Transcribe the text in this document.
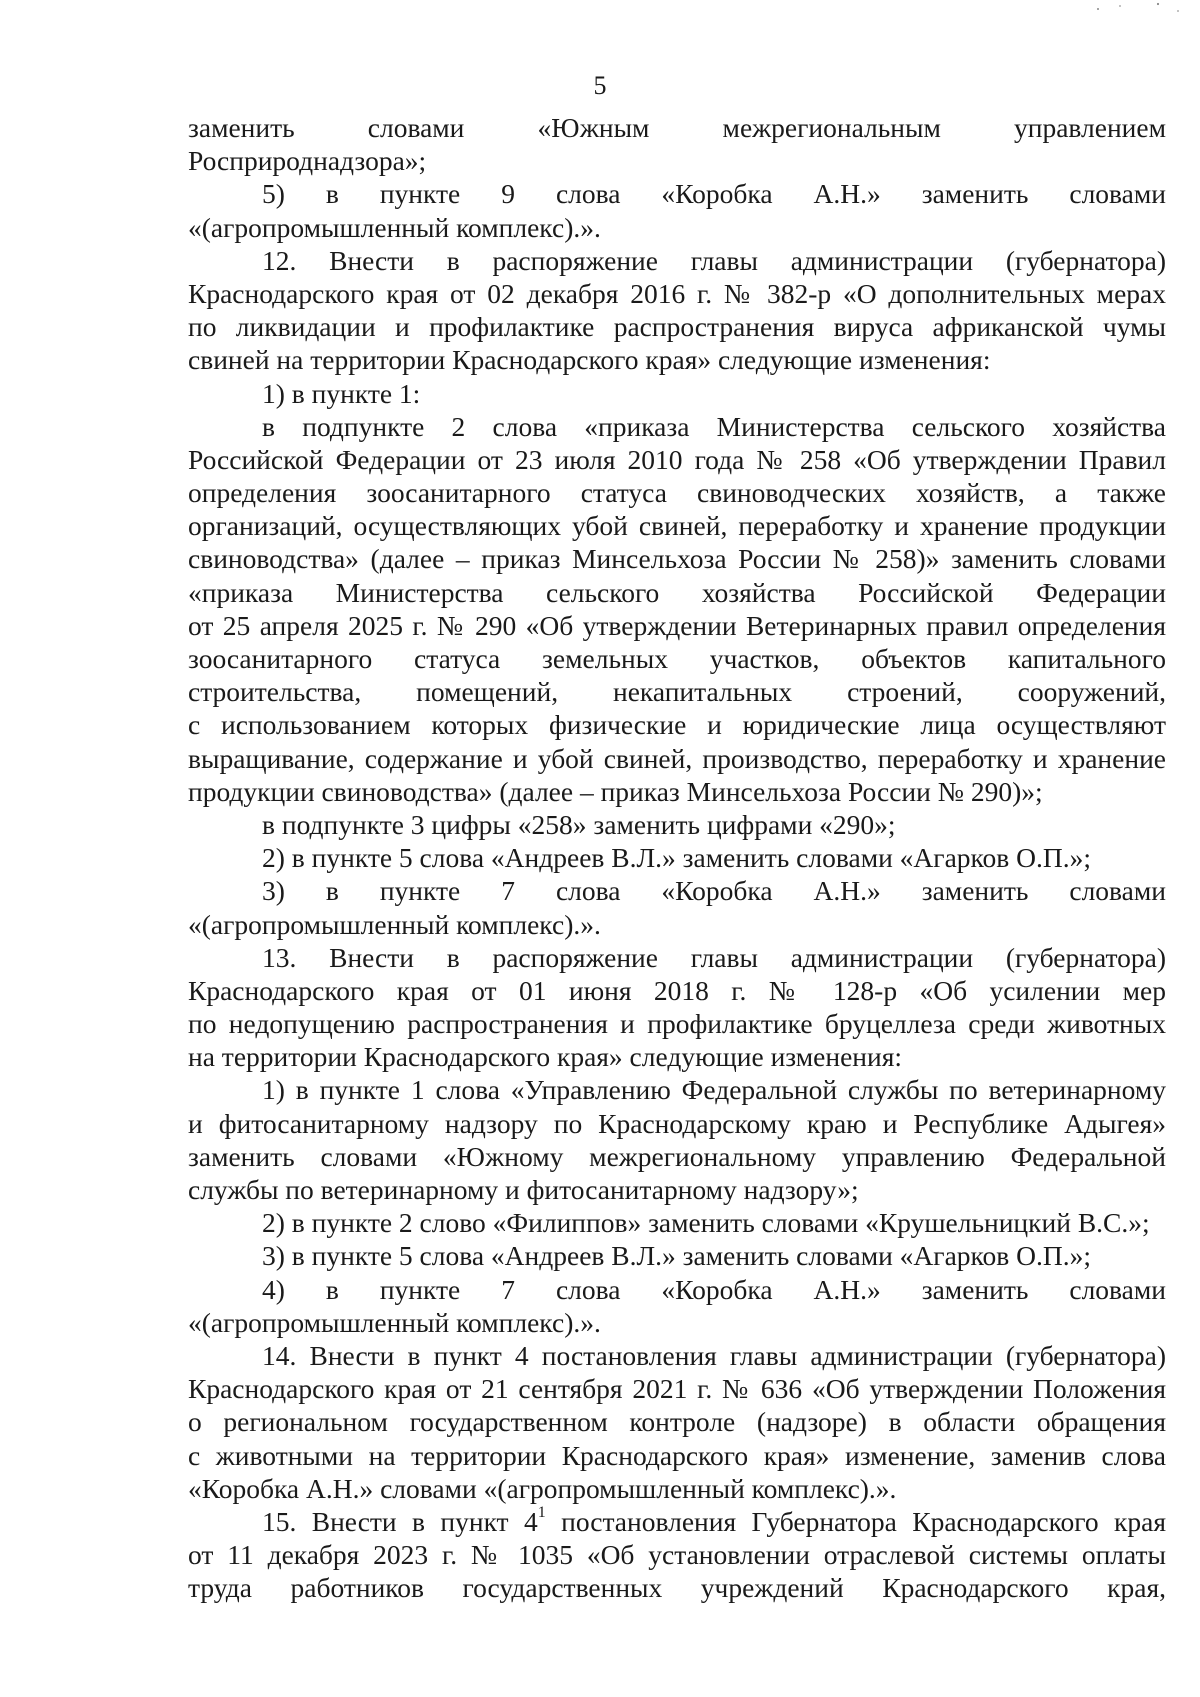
5
заменить словами «Южным межрегиональным управлением
Росприроднадзора»;
5) в пункте 9 слова «Коробка А.Н.» заменить словами
«(агропромышленный комплекс).».
12. Внести в распоряжение главы администрации (губернатора)
Краснодарского края от 02 декабря 2016 г. № 382-р «О дополнительных мерах
по ликвидации и профилактике распространения вируса африканской чумы
свиней на территории Краснодарского края» следующие изменения:
1) в пункте 1:
в подпункте 2 слова «приказа Министерства сельского хозяйства
Российской Федерации от 23 июля 2010 года № 258 «Об утверждении Правил
определения зоосанитарного статуса свиноводческих хозяйств, а также
организаций, осуществляющих убой свиней, переработку и хранение продукции
свиноводства» (далее – приказ Минсельхоза России № 258)» заменить словами
«приказа Министерства сельского хозяйства Российской Федерации
от 25 апреля 2025 г. № 290 «Об утверждении Ветеринарных правил определения
зоосанитарного статуса земельных участков, объектов капитального
строительства, помещений, некапитальных строений, сооружений,
с использованием которых физические и юридические лица осуществляют
выращивание, содержание и убой свиней, производство, переработку и хранение
продукции свиноводства» (далее – приказ Минсельхоза России № 290)»;
в подпункте 3 цифры «258» заменить цифрами «290»;
2) в пункте 5 слова «Андреев В.Л.» заменить словами «Агарков О.П.»;
3) в пункте 7 слова «Коробка А.Н.» заменить словами
«(агропромышленный комплекс).».
13. Внести в распоряжение главы администрации (губернатора)
Краснодарского края от 01 июня 2018 г. № 128-р «Об усилении мер
по недопущению распространения и профилактике бруцеллеза среди животных
на территории Краснодарского края» следующие изменения:
1) в пункте 1 слова «Управлению Федеральной службы по ветеринарному
и фитосанитарному надзору по Краснодарскому краю и Республике Адыгея»
заменить словами «Южному межрегиональному управлению Федеральной
службы по ветеринарному и фитосанитарному надзору»;
2) в пункте 2 слово «Филиппов» заменить словами «Крушельницкий В.С.»;
3) в пункте 5 слова «Андреев В.Л.» заменить словами «Агарков О.П.»;
4) в пункте 7 слова «Коробка А.Н.» заменить словами
«(агропромышленный комплекс).».
14. Внести в пункт 4 постановления главы администрации (губернатора)
Краснодарского края от 21 сентября 2021 г. № 636 «Об утверждении Положения
о региональном государственном контроле (надзоре) в области обращения
с животными на территории Краснодарского края» изменение, заменив слова
«Коробка А.Н.» словами «(агропромышленный комплекс).».
15. Внести в пункт $4^1$ постановления Губернатора Краснодарского края
от 11 декабря 2023 г. № 1035 «Об установлении отраслевой системы оплаты
труда работников государственных учреждений Краснодарского края,
